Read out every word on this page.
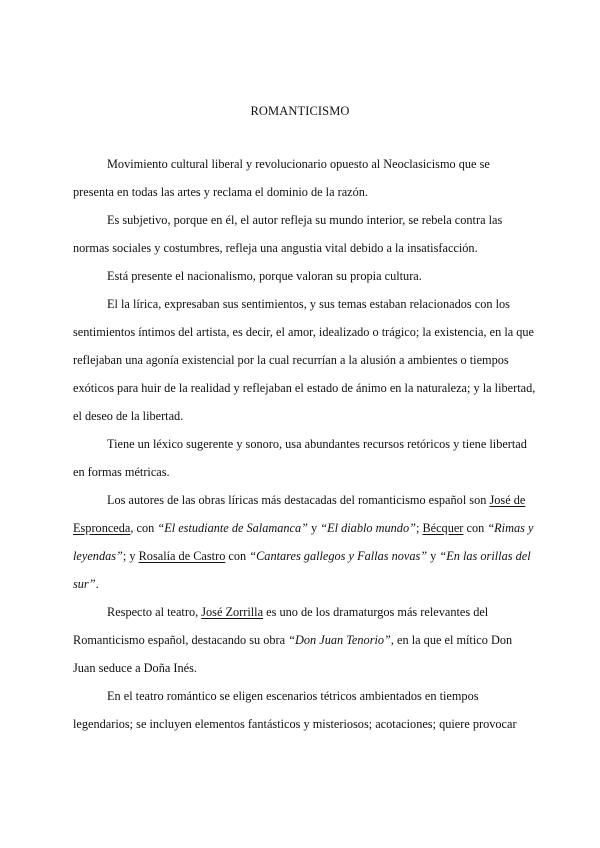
ROMANTICISMO
Movimiento cultural liberal y revolucionario opuesto al Neoclasicismo que se
presenta en todas las artes y reclama el dominio de la razón.
Es subjetivo, porque en él, el autor refleja su mundo interior, se rebela contra las
normas sociales y costumbres, refleja una angustia vital debido a la insatisfacción.
Está presente el nacionalismo, porque valoran su propia cultura.
El la lírica, expresaban sus sentimientos, y sus temas estaban relacionados con los
sentimientos íntimos del artista, es decir, el amor, idealizado o trágico; la existencia, en la que
reflejaban una agonía existencial por la cual recurrían a la alusión a ambientes o tiempos
exóticos para huir de la realidad y reflejaban el estado de ánimo en la naturaleza; y la libertad,
el deseo de la libertad.
Tiene un léxico sugerente y sonoro, usa abundantes recursos retóricos y tiene libertad
en formas métricas.
Los autores de las obras líricas más destacadas del romanticismo español son José de
Espronceda, con “El estudiante de Salamanca” y “El diablo mundo”; Bécquer con “Rimas y
leyendas”; y Rosalía de Castro con “Cantares gallegos y Fallas novas” y “En las orillas del
sur”.
Respecto al teatro, José Zorrilla es uno de los dramaturgos más relevantes del
Romanticismo español, destacando su obra “Don Juan Tenorio”, en la que el mítico Don
Juan seduce a Doña Inés.
En el teatro romántico se eligen escenarios tétricos ambientados en tiempos
legendarios; se incluyen elementos fantásticos y misteriosos; acotaciones; quiere provocar
